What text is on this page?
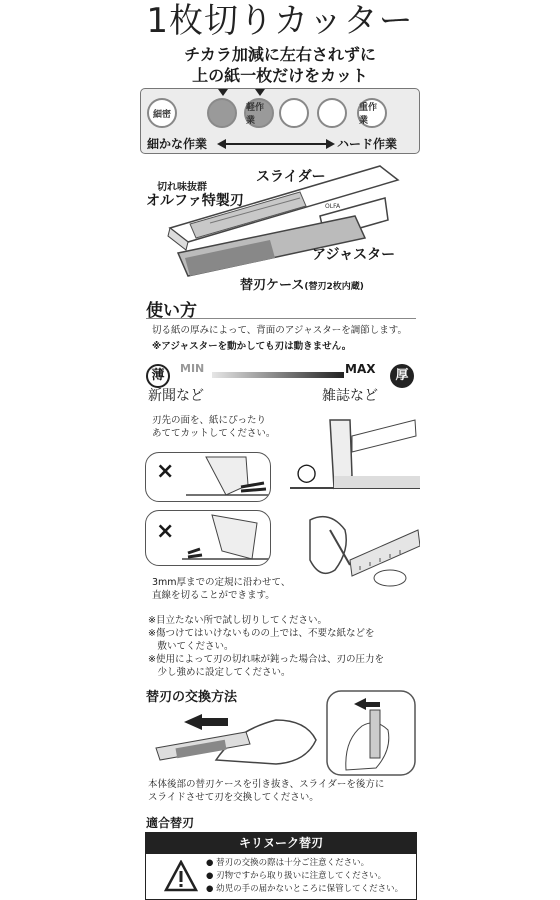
1枚切りカッター
チカラ加減に左右されずに
上の紙一枚だけをカット
細密
軽作業
重作業
細かな作業	ハード作業
OLFA
切れ味抜群
オルファ特製刃
スライダー
アジャスター
替刃ケース(替刃2枚内蔵)
使い方
切る紙の厚みによって、背面のアジャスターを調節します。
※アジャスターを動かしても刃は動きません。
薄	MIN	MAX	厚
新聞など	雑誌など
刃先の面を、紙にぴったり
あててカットしてください。
×
×
○
3mm厚までの定規に沿わせて、
直線を切ることができます。
※目立たない所で試し切りしてください。
※傷つけてはいけないものの上では、不要な紙などを
　敷いてください。
※使用によって刃の切れ味が鈍った場合は、刃の圧力を
　少し強めに設定してください。
替刃の交換方法
本体後部の替刃ケースを引き抜き、スライダーを後方に
スライドさせて刃を交換してください。
適合替刃
キリヌーク替刃
● 替刃の交換の際は十分ご注意ください。
● 刃物ですから取り扱いに注意してください。
● 幼児の手の届かないところに保管してください。
